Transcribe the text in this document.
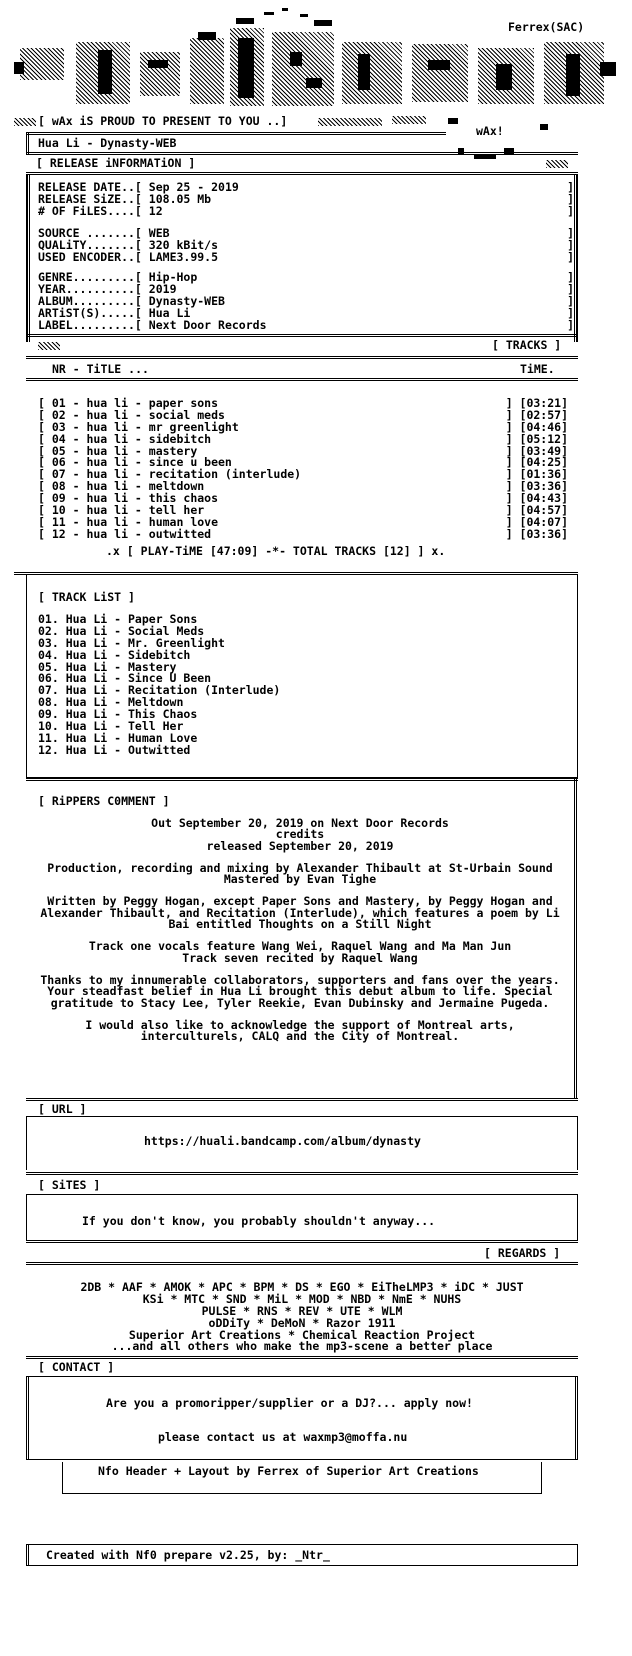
Ferrex(SAC)
[ wAx iS PROUD TO PRESENT TO YOU ..]
wAx!
Hua Li - Dynasty-WEB
[ RELEASE iNFORMATiON ]
RELEASE DATE..[ Sep 25 - 2019	]
RELEASE SiZE..[ 108.05 Mb	]
# OF FiLES....[ 12	]
SOURCE .......[ WEB	]
QUALiTY.......[ 320 kBit/s	]
USED ENCODER..[ LAME3.99.5	]
GENRE.........[ Hip-Hop	]
YEAR..........[ 2019	]
ALBUM.........[ Dynasty-WEB	]
ARTiST(S).....[ Hua Li	]
LABEL.........[ Next Door Records	]
[ TRACKS ]
NR - TiTLE ...	TiME.
[ 01 - hua li - paper sons	] [03:21]
[ 02 - hua li - social meds	] [02:57]
[ 03 - hua li - mr greenlight	] [04:46]
[ 04 - hua li - sidebitch	] [05:12]
[ 05 - hua li - mastery	] [03:49]
[ 06 - hua li - since u been	] [04:25]
[ 07 - hua li - recitation (interlude)	] [01:36]
[ 08 - hua li - meltdown	] [03:36]
[ 09 - hua li - this chaos	] [04:43]
[ 10 - hua li - tell her	] [04:57]
[ 11 - hua li - human love	] [04:07]
[ 12 - hua li - outwitted	] [03:36]
.x [ PLAY-TiME [47:09] -*- TOTAL TRACKS [12] ] x.
[ TRACK LiST ]
01. Hua Li - Paper Sons
02. Hua Li - Social Meds
03. Hua Li - Mr. Greenlight
04. Hua Li - Sidebitch
05. Hua Li - Mastery
06. Hua Li - Since U Been
07. Hua Li - Recitation (Interlude)
08. Hua Li - Meltdown
09. Hua Li - This Chaos
10. Hua Li - Tell Her
11. Hua Li - Human Love
12. Hua Li - Outwitted
[ RiPPERS C0MMENT ]
Out September 20, 2019 on Next Door Records
credits
released September 20, 2019
Production, recording and mixing by Alexander Thibault at St-Urbain Sound
Mastered by Evan Tighe
Written by Peggy Hogan, except Paper Sons and Mastery, by Peggy Hogan and Alexander Thibault, and Recitation (Interlude), which features a poem by Li Bai entitled Thoughts on a Still Night
Track one vocals feature Wang Wei, Raquel Wang and Ma Man Jun
Track seven recited by Raquel Wang
Thanks to my innumerable collaborators, supporters and fans over the years. Your steadfast belief in Hua Li brought this debut album to life. Special gratitude to Stacy Lee, Tyler Reekie, Evan Dubinsky and Jermaine Pugeda.
I would also like to acknowledge the support of Montreal arts, interculturels, CALQ and the City of Montreal.
[ URL ]
https://huali.bandcamp.com/album/dynasty
[ SiTES ]
If you don't know, you probably shouldn't anyway...
[ REGARDS ]
2DB * AAF * AMOK * APC * BPM * DS * EGO * EiTheLMP3 * iDC * JUST
KSi * MTC * SND * MiL * MOD * NBD * NmE * NUHS
PULSE * RNS * REV * UTE * WLM
oDDiTy * DeMoN * Razor 1911
Superior Art Creations * Chemical Reaction Project
...and all others who make the mp3-scene a better place
[ CONTACT ]
Are you a promoripper/supplier or a DJ?... apply now!
please contact us at waxmp3@moffa.nu
Nfo Header + Layout by Ferrex of Superior Art Creations
Created with Nf0 prepare v2.25, by: _Ntr_
